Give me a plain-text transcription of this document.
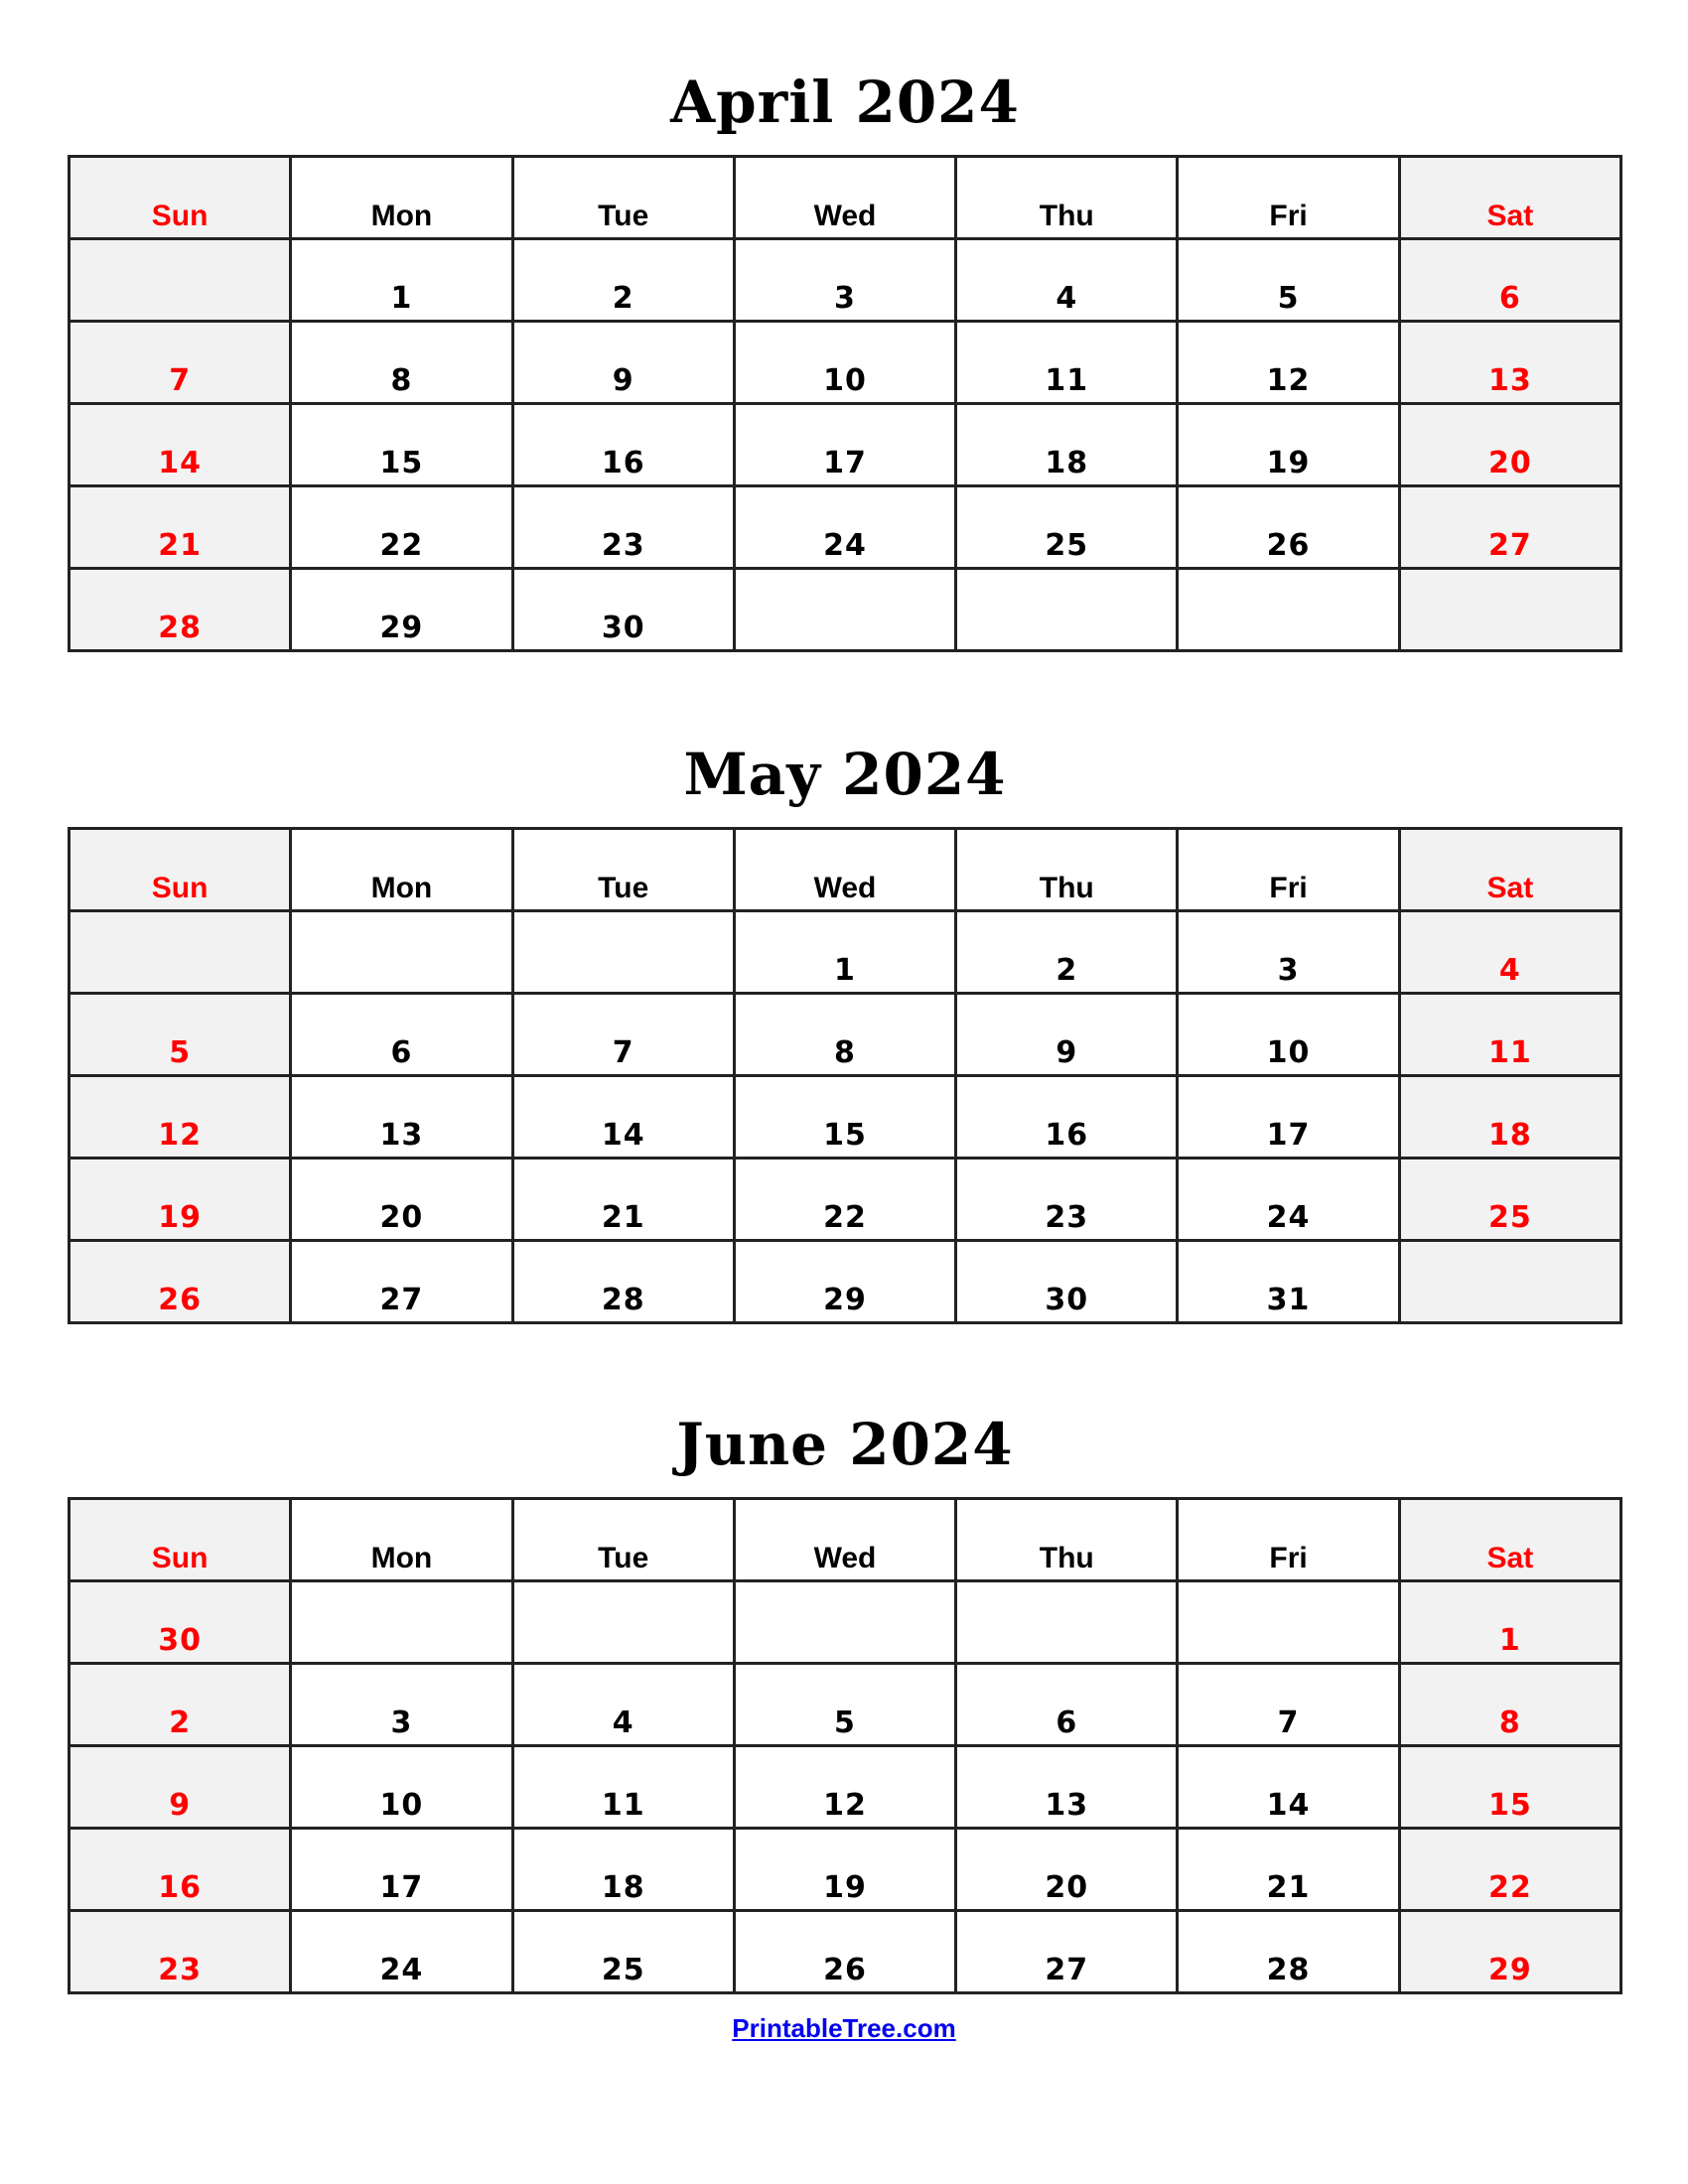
April 2024
Sun	Mon	Tue	Wed	Thu	Fri	Sat
	1	2	3	4	5	6
7	8	9	10	11	12	13
14	15	16	17	18	19	20
21	22	23	24	25	26	27
28	29	30				
May 2024
Sun	Mon	Tue	Wed	Thu	Fri	Sat
			1	2	3	4
5	6	7	8	9	10	11
12	13	14	15	16	17	18
19	20	21	22	23	24	25
26	27	28	29	30	31	
June 2024
Sun	Mon	Tue	Wed	Thu	Fri	Sat
30						1
2	3	4	5	6	7	8
9	10	11	12	13	14	15
16	17	18	19	20	21	22
23	24	25	26	27	28	29
PrintableTree.com
